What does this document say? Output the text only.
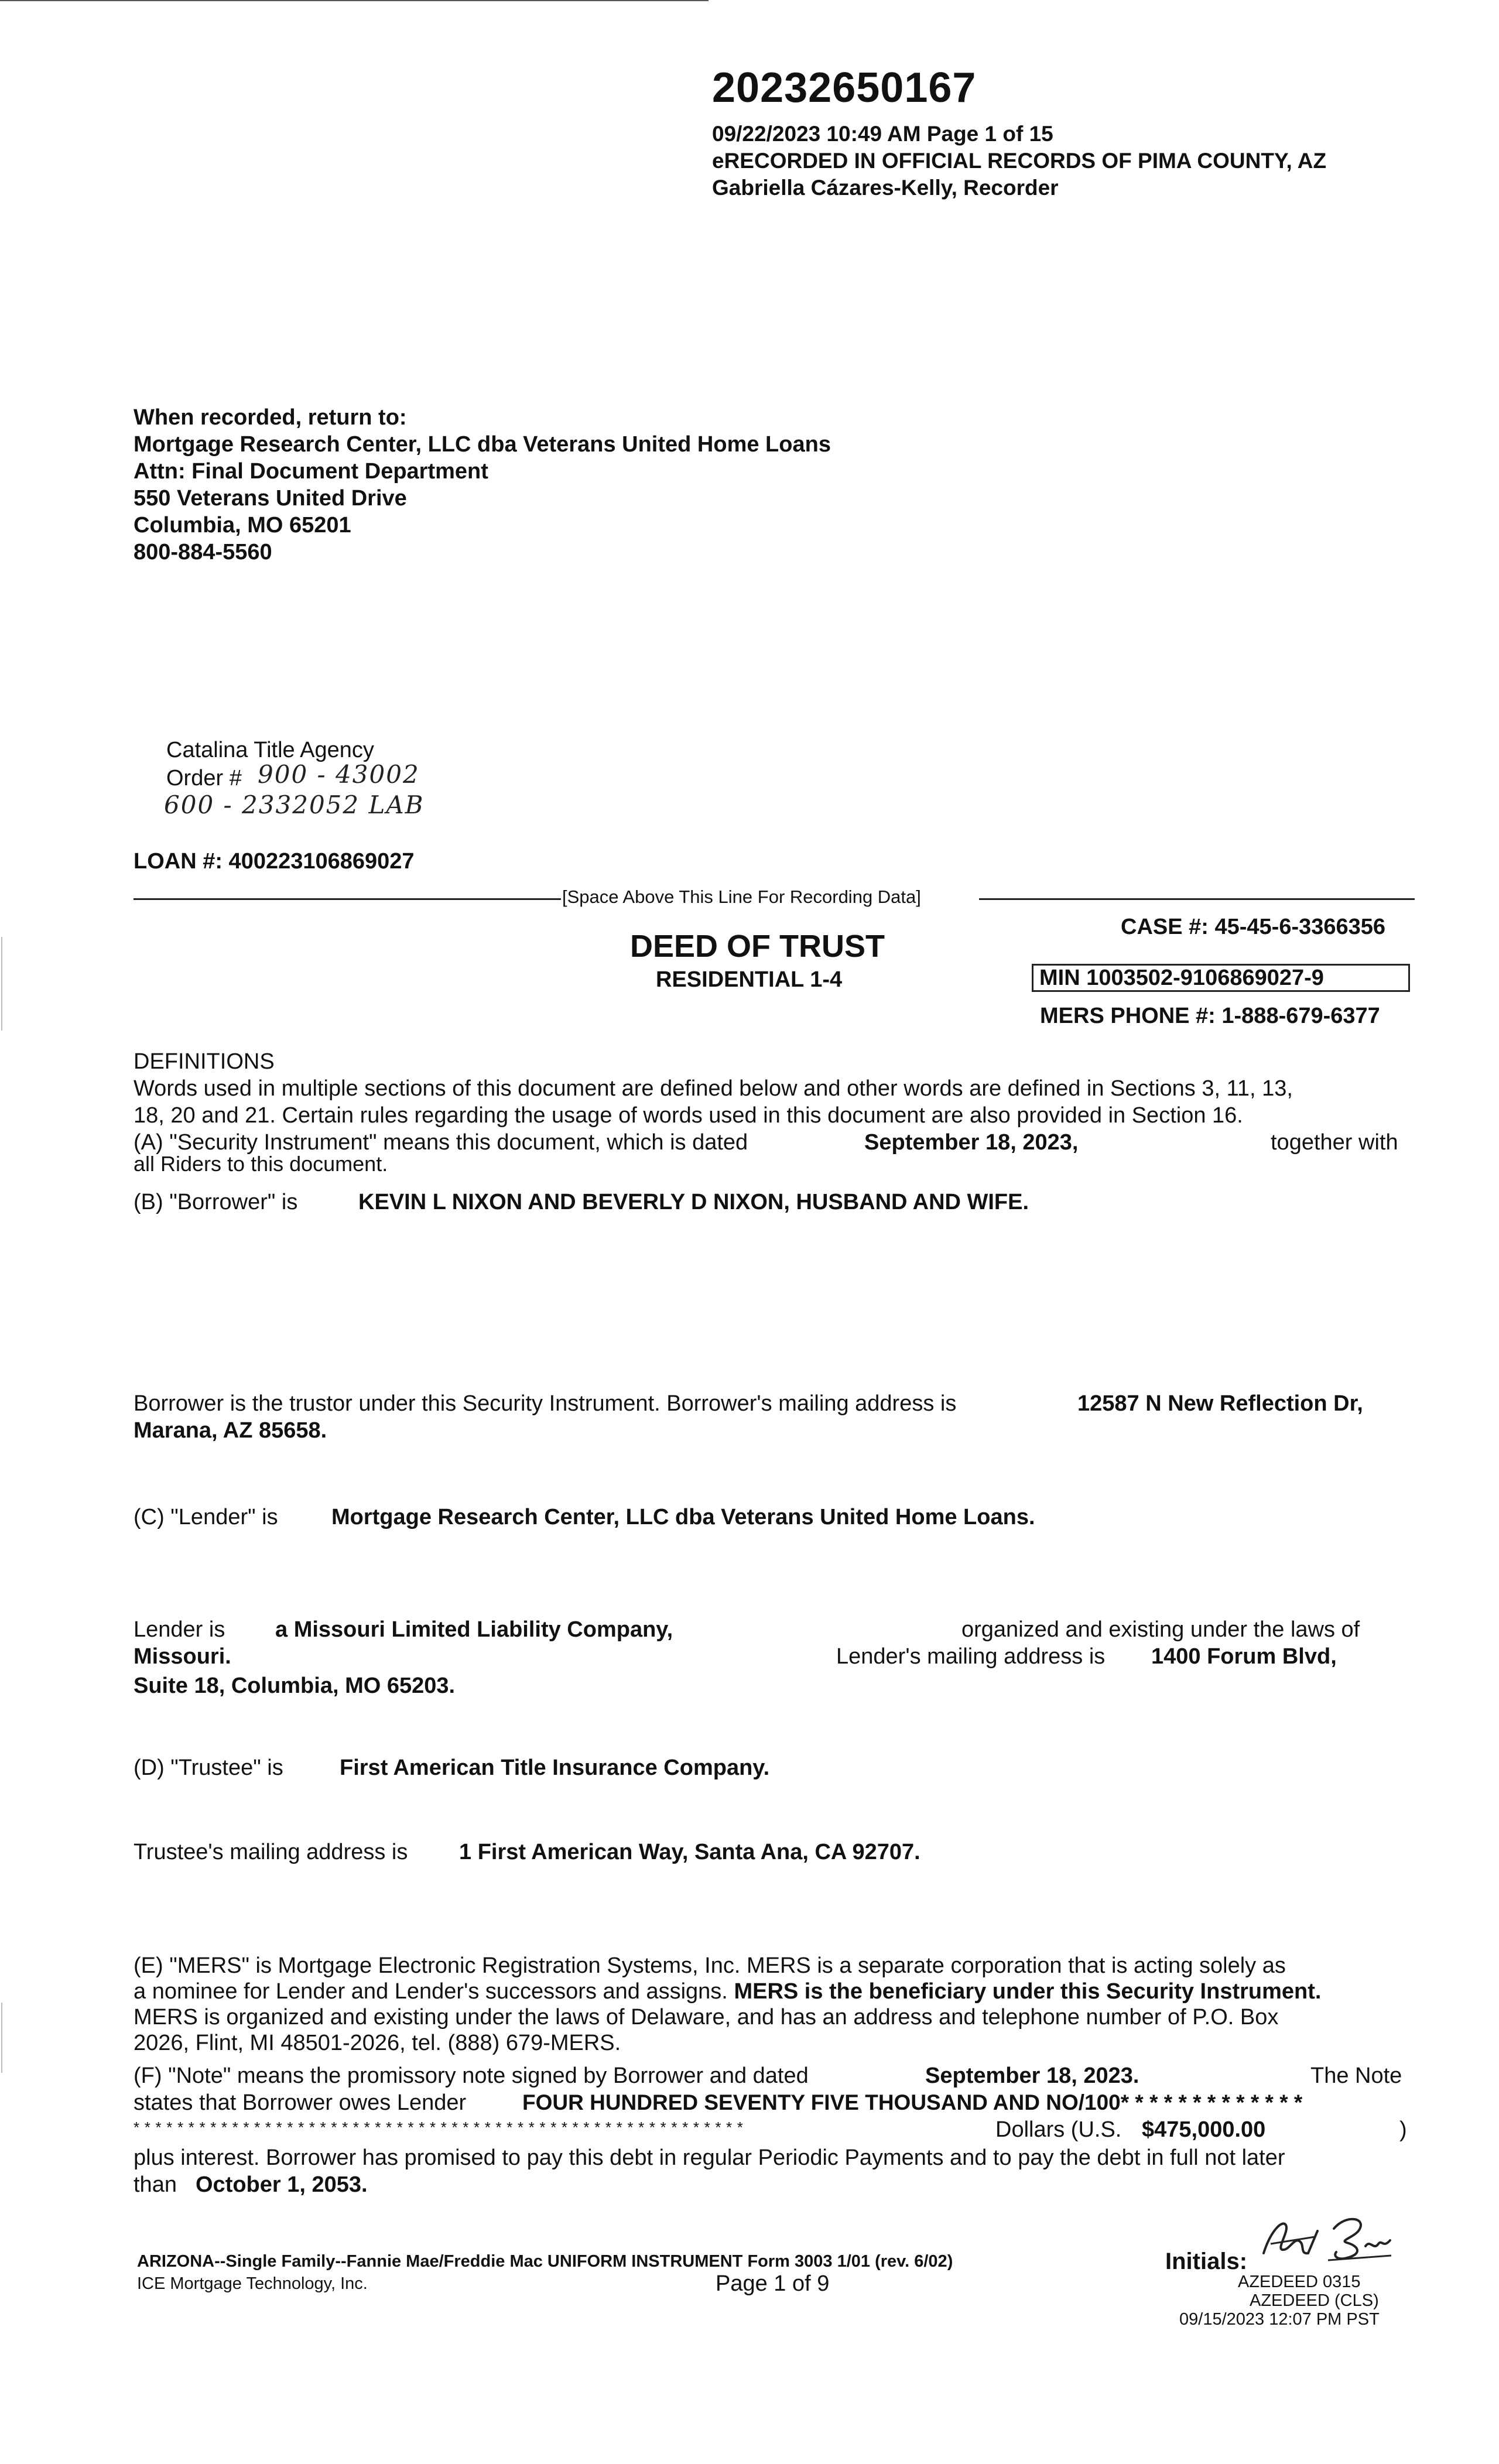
20232650167
09/22/2023 10:49 AM Page 1 of 15
eRECORDED IN OFFICIAL RECORDS OF PIMA COUNTY, AZ
Gabriella Cázares-Kelly, Recorder
When recorded, return to:
Mortgage Research Center, LLC dba Veterans United Home Loans
Attn: Final Document Department
550 Veterans United Drive
Columbia, MO 65201
800-884-5560
Catalina Title Agency
Order # 900 - 43002
600 - 2332052 LAB
LOAN #: 400223106869027
[Space Above This Line For Recording Data]
DEED OF TRUST
RESIDENTIAL 1-4
CASE #: 45-45-6-3366356
MIN 1003502-9106869027-9
MERS PHONE #: 1-888-679-6377
DEFINITIONS
Words used in multiple sections of this document are defined below and other words are defined in Sections 3, 11, 13,
18, 20 and 21. Certain rules regarding the usage of words used in this document are also provided in Section 16.
(A) "Security Instrument" means this document, which is dated	September 18, 2023,	together with
all Riders to this document.
(B) "Borrower" is	KEVIN L NIXON AND BEVERLY D NIXON, HUSBAND AND WIFE.
Borrower is the trustor under this Security Instrument. Borrower's mailing address is	12587 N New Reflection Dr,
Marana, AZ 85658.
(C) "Lender" is Mortgage Research Center, LLC dba Veterans United Home Loans.
Lender is a Missouri Limited Liability Company,	organized and existing under the laws of
Missouri.	Lender's mailing address is 1400 Forum Blvd,
Suite 18, Columbia, MO 65203.
(D) "Trustee" is	First American Title Insurance Company.
Trustee's mailing address is 1 First American Way, Santa Ana, CA 92707.
(E) "MERS" is Mortgage Electronic Registration Systems, Inc. MERS is a separate corporation that is acting solely as
a nominee for Lender and Lender's successors and assigns. MERS is the beneficiary under this Security Instrument.
MERS is organized and existing under the laws of Delaware, and has an address and telephone number of P.O. Box
2026, Flint, MI 48501-2026, tel. (888) 679-MERS.
(F) "Note" means the promissory note signed by Borrower and dated	September 18, 2023.	The Note
states that Borrower owes Lender	FOUR HUNDRED SEVENTY FIVE THOUSAND AND NO/100* * * * * * * * * * * * *
* * * * * * * * * * * * * * * * * * * * * * * * * * * * * * * * * * * * * * * * * * * * * * * * * * * * * * * *	Dollars (U.S. $475,000.00	)
plus interest. Borrower has promised to pay this debt in regular Periodic Payments and to pay the debt in full not later
than October 1, 2053.
ARIZONA--Single Family--Fannie Mae/Freddie Mac UNIFORM INSTRUMENT Form 3003 1/01 (rev. 6/02)
ICE Mortgage Technology, Inc.	Page 1 of 9
Initials:
AZEDEED 0315
AZEDEED (CLS)
09/15/2023 12:07 PM PST
